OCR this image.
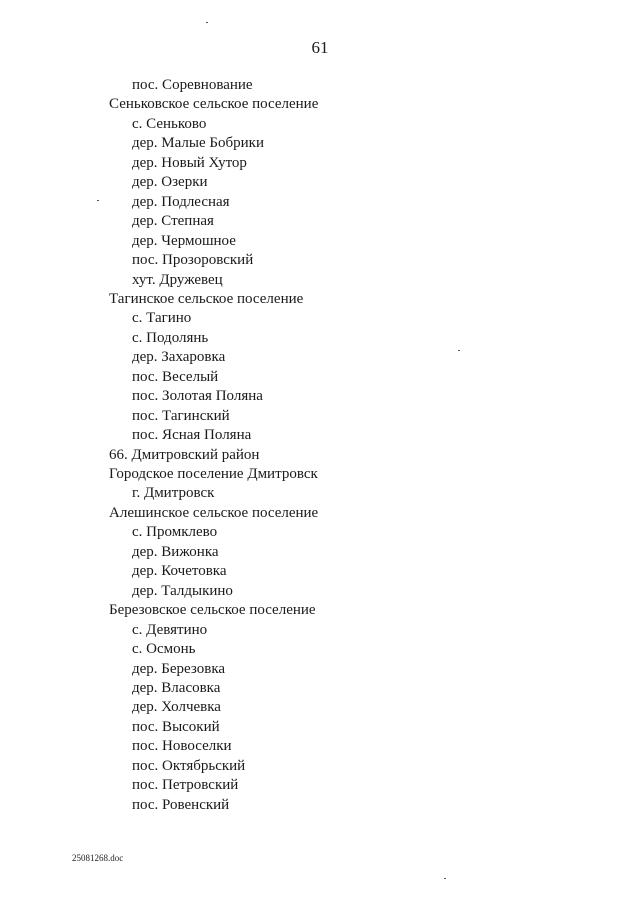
61
пос. Соревнование
Сеньковское сельское поселение
с. Сеньково
дер. Малые Бобрики
дер. Новый Хутор
дер. Озерки
дер. Подлесная
дер. Степная
дер. Чермошное
пос. Прозоровский
хут. Дружевец
Тагинское сельское поселение
с. Тагино
с. Подолянь
дер. Захаровка
пос. Веселый
пос. Золотая Поляна
пос. Тагинский
пос. Ясная Поляна
66. Дмитровский район
Городское поселение Дмитровск
г. Дмитровск
Алешинское сельское поселение
с. Промклево
дер. Вижонка
дер. Кочетовка
дер. Талдыкино
Березовское сельское поселение
с. Девятино
с. Осмонь
дер. Березовка
дер. Власовка
дер. Холчевка
пос. Высокий
пос. Новоселки
пос. Октябрьский
пос. Петровский
пос. Ровенский
25081268.doc
